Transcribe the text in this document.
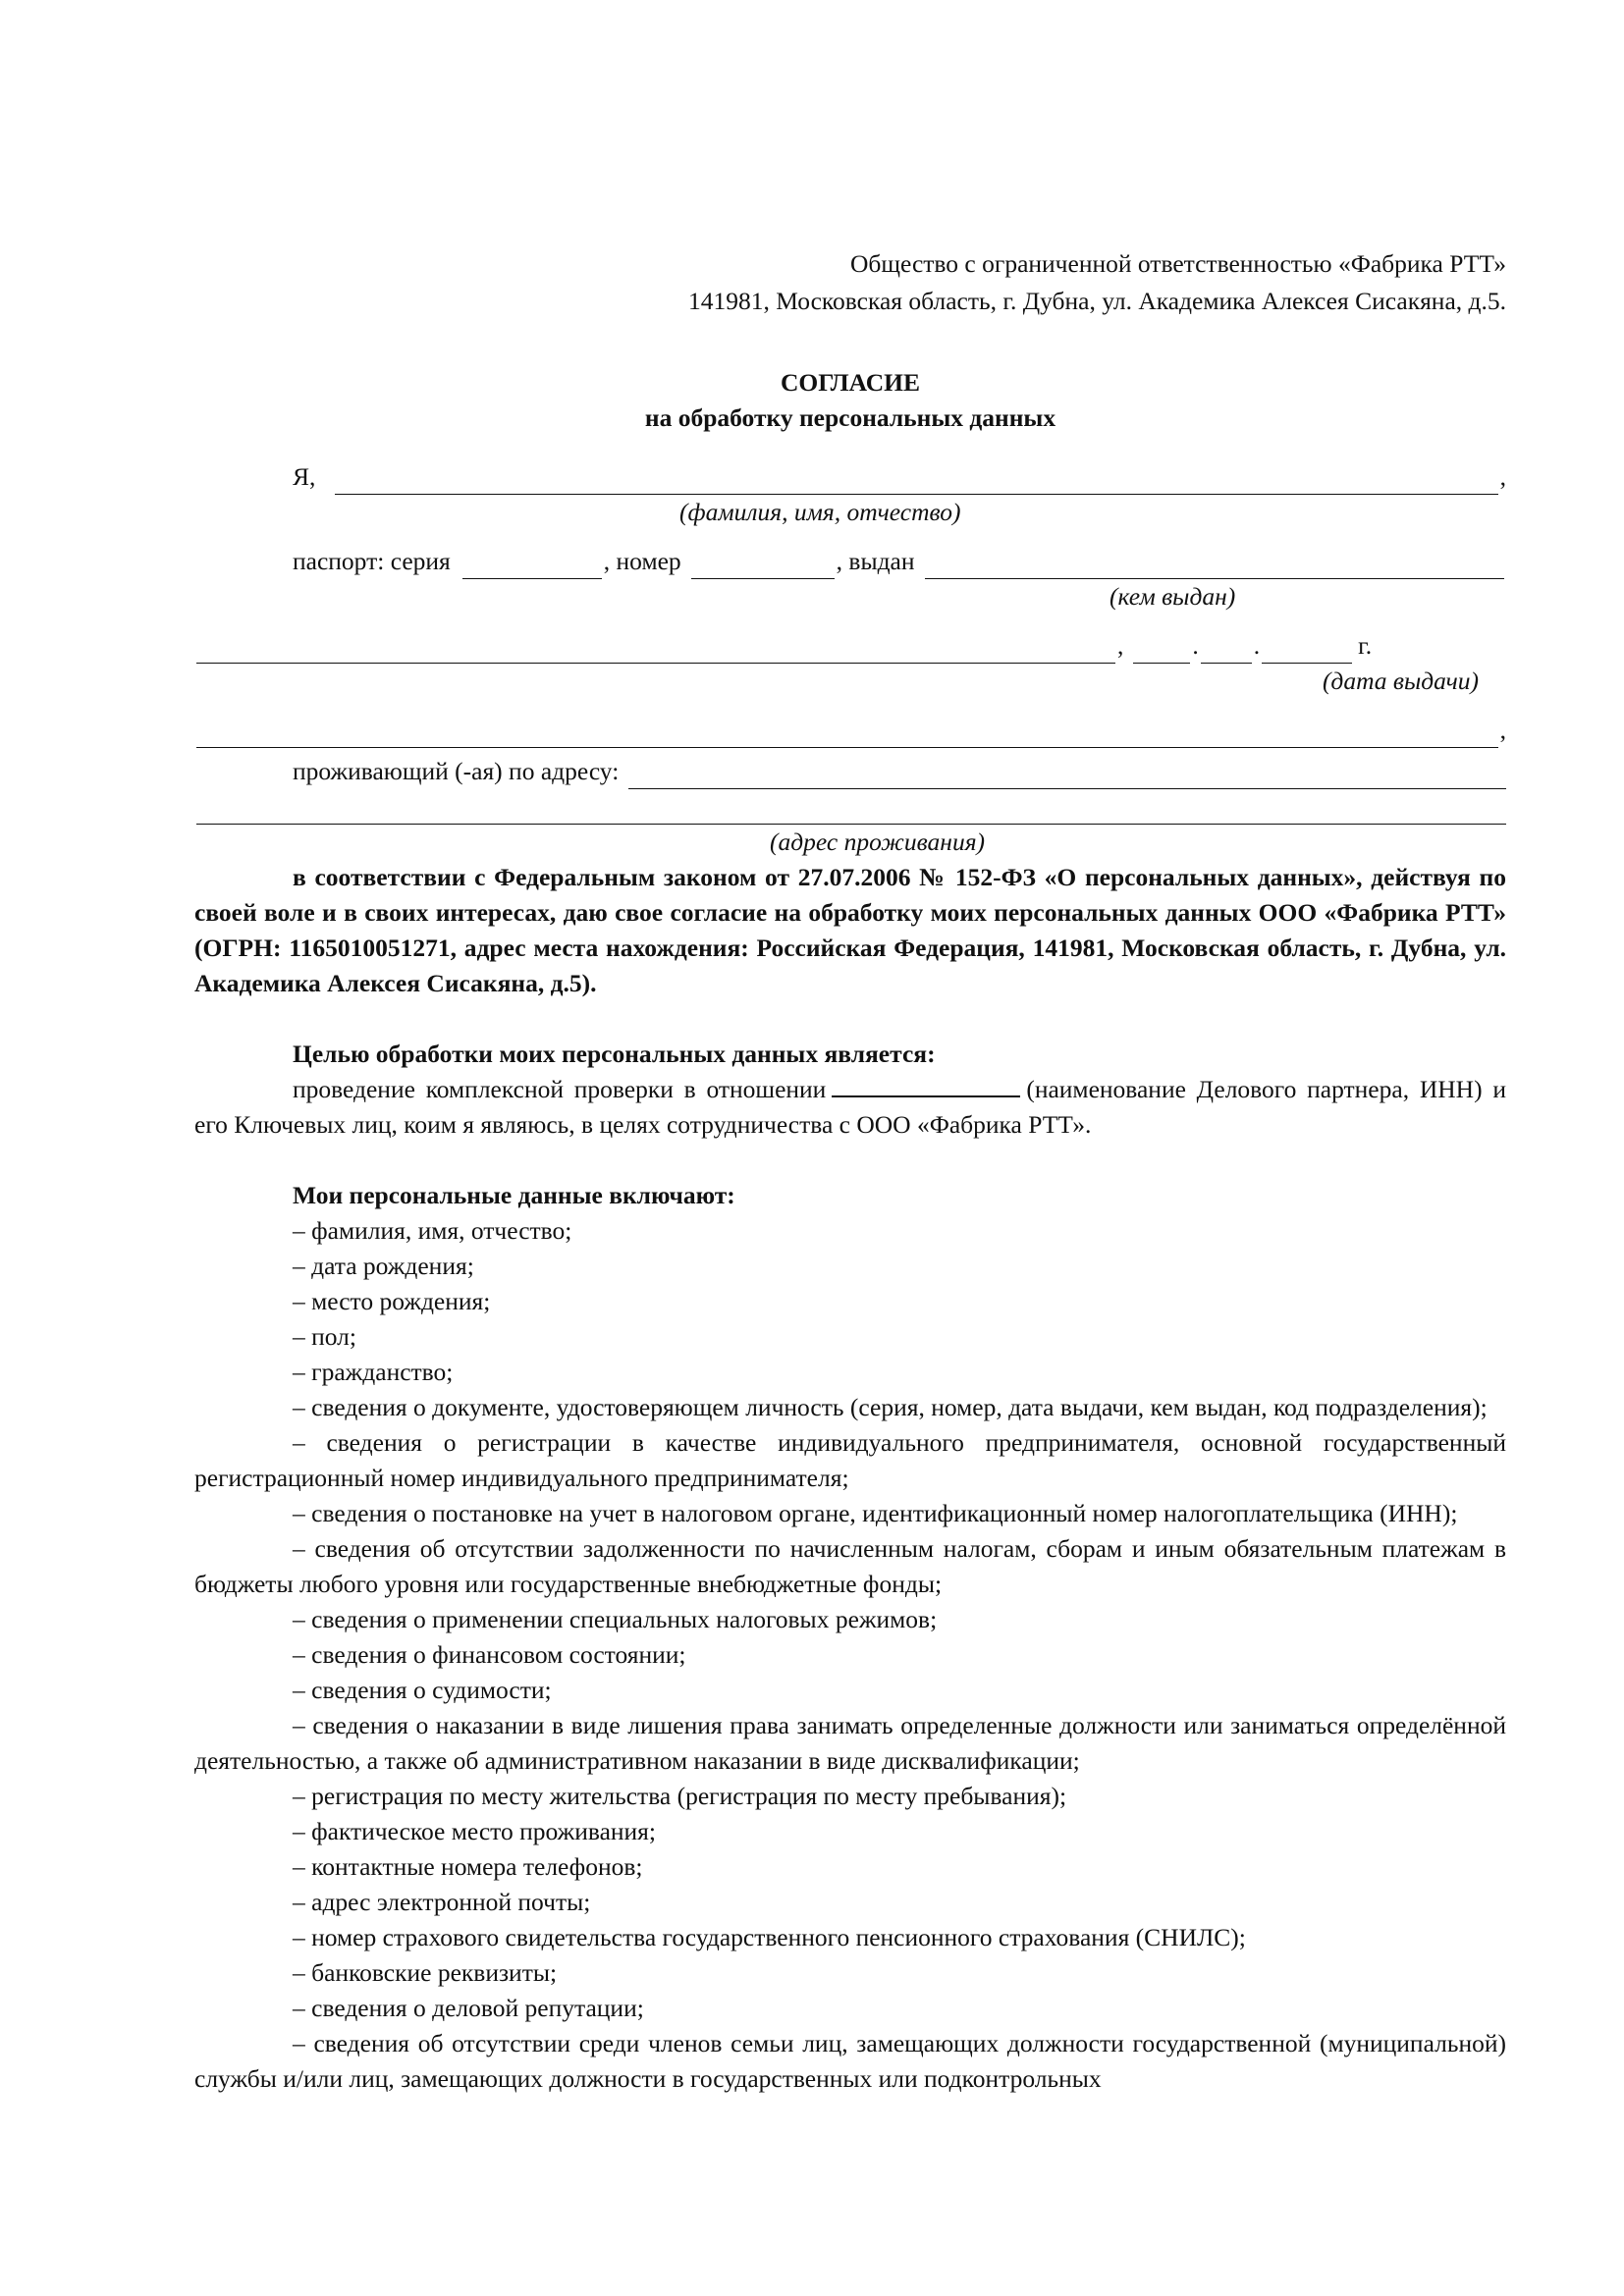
Общество с ограниченной ответственностью «Фабрика РТТ»
141981, Московская область, г. Дубна, ул. Академика Алексея Сисакяна, д.5.
СОГЛАСИЕ
на обработку персональных данных
Я,	,
(фамилия, имя, отчество)
паспорт: серия	, номер	, выдан
(кем выдан)
,	. .	г.
(дата выдачи)
,
проживающий (-ая) по адресу:
(адрес проживания)

в соответствии с Федеральным законом от 27.07.2006 № 152-ФЗ «О персональных данных», действуя по своей воле и в своих интересах, даю свое согласие на обработку моих персональных данных ООО «Фабрика РТТ» (ОГРН: 1165010051271, адрес места нахождения: Российская Федерация, 141981, Московская область, г. Дубна, ул. Академика Алексея Сисакяна, д.5).

Целью обработки моих персональных данных является:

проведение комплексной проверки в отношении	(наименование Делового партнера, ИНН) и его Ключевых лиц, коим я являюсь, в целях сотрудничества с ООО «Фабрика РТТ».

Мои персональные данные включают:

– фамилия, имя, отчество;

– дата рождения;

– место рождения;

– пол;

– гражданство;

– сведения о документе, удостоверяющем личность (серия, номер, дата выдачи, кем выдан, код подразделения);

– сведения о регистрации в качестве индивидуального предпринимателя, основной государственный регистрационный номер индивидуального предпринимателя;

– сведения о постановке на учет в налоговом органе, идентификационный номер налогоплательщика (ИНН);

– сведения об отсутствии задолженности по начисленным налогам, сборам и иным обязательным платежам в бюджеты любого уровня или государственные внебюджетные фонды;

– сведения о применении специальных налоговых режимов;

– сведения о финансовом состоянии;

– сведения о судимости;

– сведения о наказании в виде лишения права занимать определенные должности или заниматься определённой деятельностью, а также об административном наказании в виде дисквалификации;

– регистрация по месту жительства (регистрация по месту пребывания);

– фактическое место проживания;

– контактные номера телефонов;

– адрес электронной почты;

– номер страхового свидетельства государственного пенсионного страхования (СНИЛС);

– банковские реквизиты;

– сведения о деловой репутации;

– сведения об отсутствии среди членов семьи лиц, замещающих должности государственной (муниципальной) службы и/или лиц, замещающих должности в государственных или подконтрольных
